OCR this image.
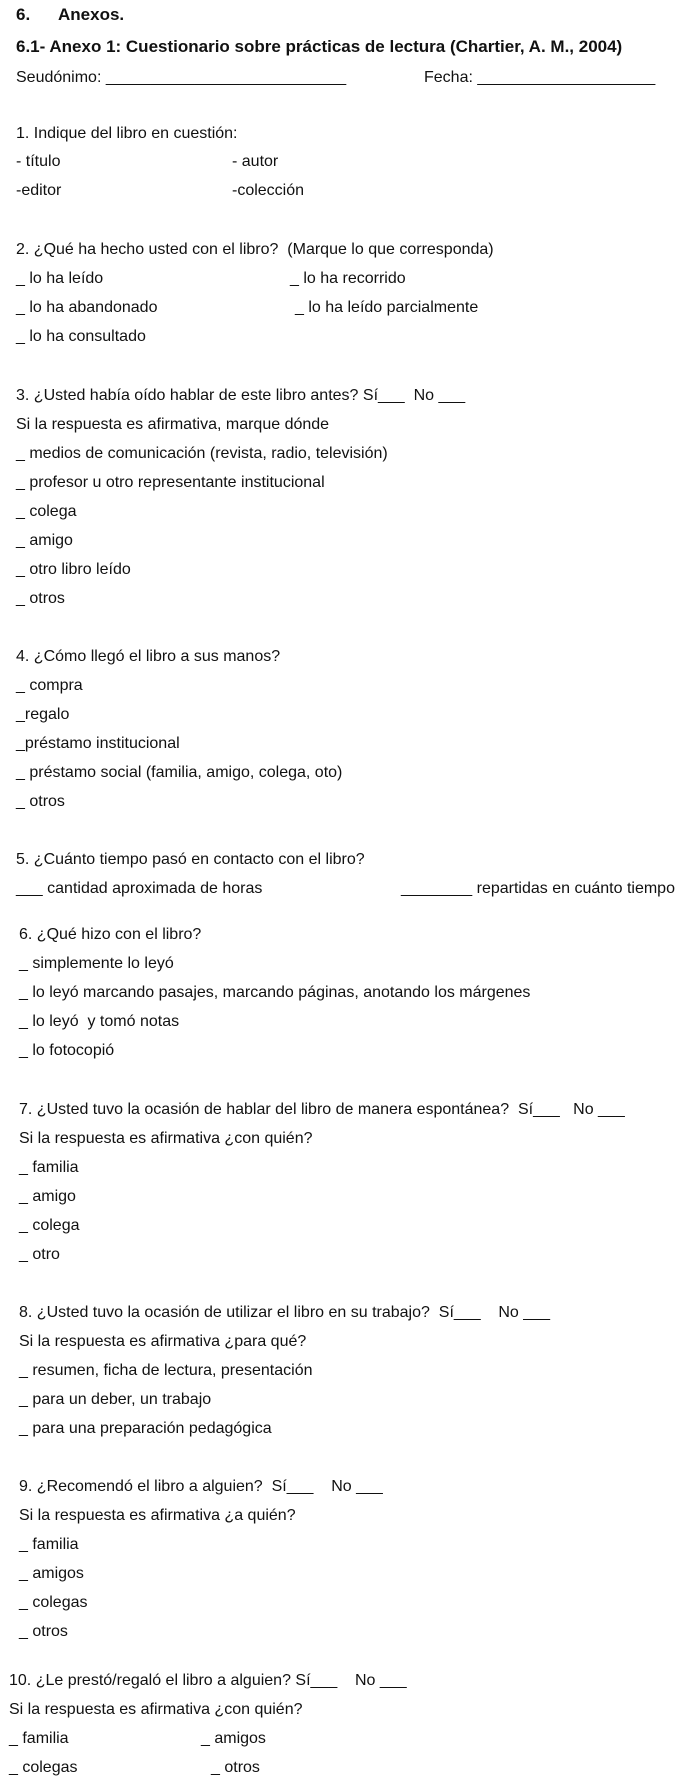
6. Anexos.
6.1- Anexo 1: Cuestionario sobre prácticas de lectura (Chartier, A. M., 2004)
Seudónimo: ___________________________	Fecha: ____________________
1. Indique del libro en cuestión:
- título	- autor
-editor	-colección
2. ¿Qué ha hecho usted con el libro?  (Marque lo que corresponda)
_ lo ha leído	_ lo ha recorrido
_ lo ha abandonado	_ lo ha leído parcialmente
_ lo ha consultado
3. ¿Usted había oído hablar de este libro antes? Sí___  No ___
Si la respuesta es afirmativa, marque dónde
_ medios de comunicación (revista, radio, televisión)
_ profesor u otro representante institucional
_ colega
_ amigo
_ otro libro leído
_ otros
4. ¿Cómo llegó el libro a sus manos?
_ compra
_regalo
_préstamo institucional
_ préstamo social (familia, amigo, colega, oto)
_ otros
5. ¿Cuánto tiempo pasó en contacto con el libro?
___ cantidad aproximada de horas	________ repartidas en cuánto tiempo
6. ¿Qué hizo con el libro?
_ simplemente lo leyó
_ lo leyó marcando pasajes, marcando páginas, anotando los márgenes
_ lo leyó  y tomó notas
_ lo fotocopió
7. ¿Usted tuvo la ocasión de hablar del libro de manera espontánea?  Sí___   No ___
Si la respuesta es afirmativa ¿con quién?
_ familia
_ amigo
_ colega
_ otro
8. ¿Usted tuvo la ocasión de utilizar el libro en su trabajo?  Sí___    No ___
Si la respuesta es afirmativa ¿para qué?
_ resumen, ficha de lectura, presentación
_ para un deber, un trabajo
_ para una preparación pedagógica
9. ¿Recomendó el libro a alguien?  Sí___    No ___
Si la respuesta es afirmativa ¿a quién?
_ familia
_ amigos
_ colegas
_ otros
10. ¿Le prestó/regaló el libro a alguien? Sí___    No ___
Si la respuesta es afirmativa ¿con quién?
_ familia	_ amigos
_ colegas	_ otros
